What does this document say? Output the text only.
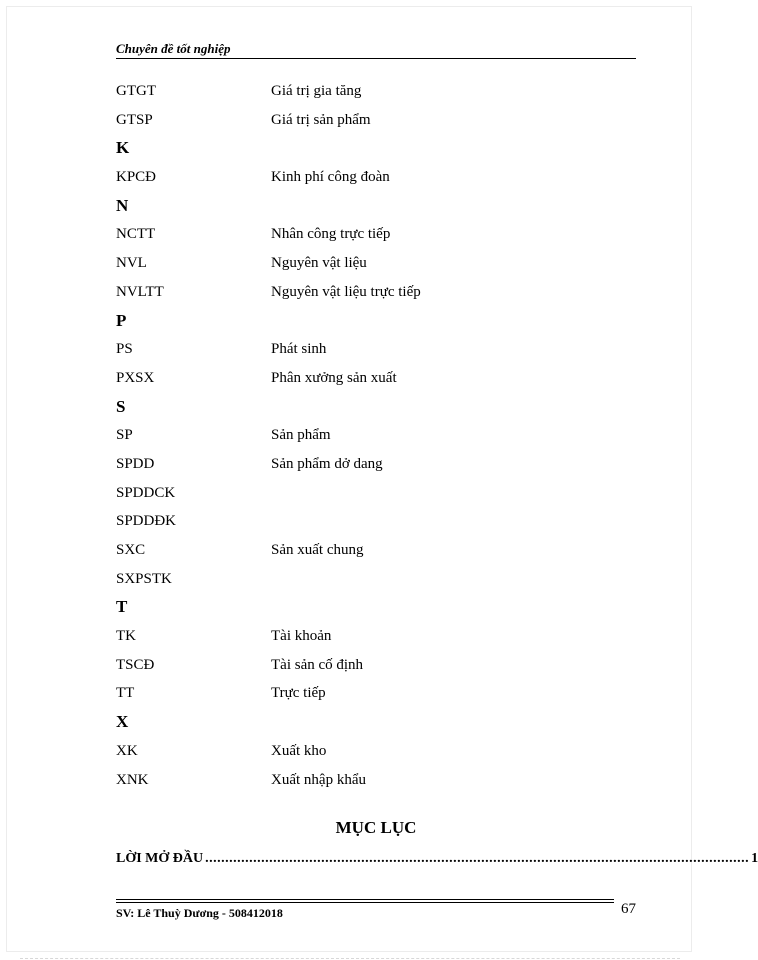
Chuyên đề tốt nghiệp
GTGT	Giá trị gia tăng
GTSP	Giá trị sản phẩm
K
KPCĐ	Kinh phí công đoàn
N
NCTT	Nhân công trực tiếp
NVL	Nguyên vật liệu
NVLTT	Nguyên vật liệu trực tiếp
P
PS	Phát sinh
PXSX	Phân xưởng sản xuất
S
SP	Sản phẩm
SPDD	Sản phẩm dở dang
SPDDCK
SPDDĐK
SXC	Sản xuất chung
SXPSTK
T
TK	Tài khoản
TSCĐ	Tài sản cố định
TT	Trực tiếp
X
XK	Xuất kho
XNK	Xuất nhập khẩu
MỤC LỤC
LỜI MỞ ĐẦU ........................................................................................................................................ 1
SV: Lê Thuỳ Dương - 508412018	67
